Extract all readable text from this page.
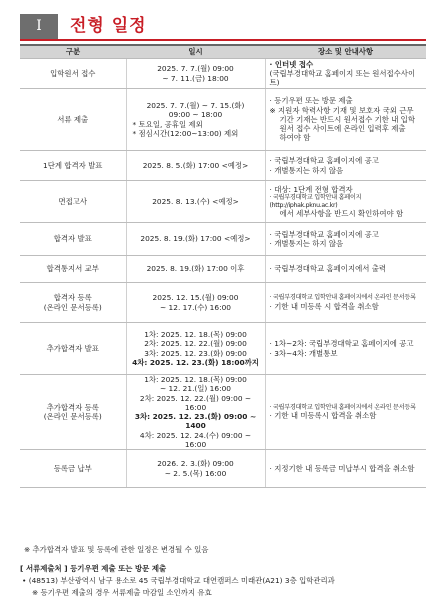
Ⅰ	전형 일정
구분	일시	장소 및 안내사항

입학원서 접수	2025. 7. 7.(월) 09:00
~ 7. 11.(금) 18:00	· 인터넷 접수
(국립부경대학교 홈페이지 또는 원서접수사이트)

서류 제출	2025. 7. 7.(월) ~ 7. 15.(화)
09:00 ~ 18:00
* 토요일, 공휴일 제외
* 점심시간(12:00~13:00) 제외	· 등기우편 또는 방문 제출
※ 지원자 학력사항 기재 및 보호자 국외 근무
기간 기재는 반드시 원서접수 기한 내 입학
원서 접수 사이트에 온라인 입력후 제출
하여야 함

1단계 합격자 발표	2025. 8. 5.(화) 17:00 <예정>	· 국립부경대학교 홈페이지에 공고
· 개별통지는 하지 않음

면접고사	2025. 8. 13.(수) <예정>	· 대상: 1단계 전형 합격자
· 국립부경대학교 입학안내 홈페이지(http://iphak.pknu.ac.kr)
에서 세부사항을 반드시 확인하여야 함

합격자 발표	2025. 8. 19.(화) 17:00 <예정>	· 국립부경대학교 홈페이지에 공고
· 개별통지는 하지 않음

합격통지서 교부	2025. 8. 19.(화) 17:00 이후	· 국립부경대학교 홈페이지에서 출력

합격자 등록
(온라인 문서등록)	2025. 12. 15.(월) 09:00
~ 12. 17.(수) 16:00	· 국립부경대학교 입학안내 홈페이지에서 온라인 문서등록
· 기한 내 미등록 시 합격을 취소함

추가합격자 발표	1차: 2025. 12. 18.(목) 09:00
2차: 2025. 12. 22.(월) 09:00
3차: 2025. 12. 23.(화) 09:00
4차: 2025. 12. 23.(화) 18:00까지	· 1차~2차: 국립부경대학교 홈페이지에 공고
· 3차~4차: 개별통보

추가합격자 등록
(온라인 문서등록)	1차: 2025. 12. 18.(목) 09:00
~ 12. 21.(일) 16:00
2차: 2025. 12. 22.(월) 09:00 ~ 16:00
3차: 2025. 12. 23.(화) 09:00 ~ 1400
4차: 2025. 12. 24.(수) 09:00 ~ 16:00	· 국립부경대학교 입학안내 홈페이지에서 온라인 문서등록
· 기한 내 미등록시 합격을 취소함

등록금 납부	2026. 2. 3.(화) 09:00
~ 2. 5.(목) 16:00	· 지정기한 내 등록금 미납부시 합격을 취소함
※ 추가합격자 발표 및 등록에 관한 일정은 변경될 수 있음
[ 서류제출처 ] 등기우편 제출 또는 방문 제출
• (48513) 부산광역시 남구 용소로 45 국립부경대학교 대연캠퍼스 미래관(A21) 3층 입학관리과
※ 등기우편 제출의 경우 서류제출 마감일 소인까지 유효
